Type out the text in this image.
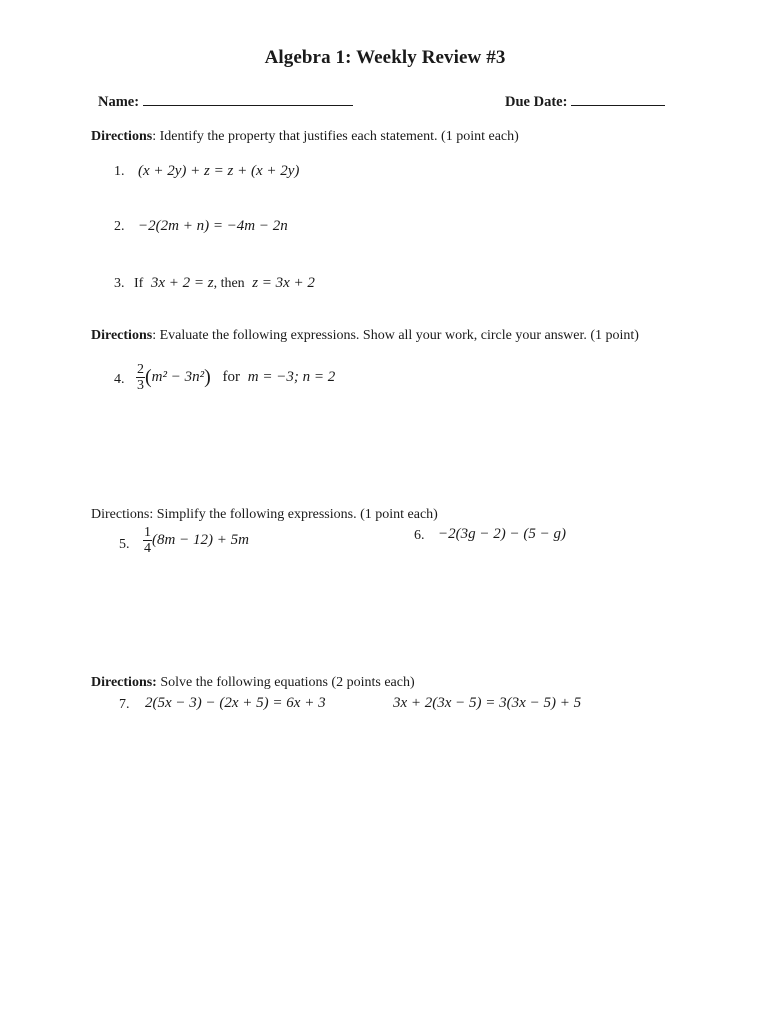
Algebra 1: Weekly Review #3
Name:	Due Date:
Directions: Identify the property that justifies each statement. (1 point each)
1. (x + 2y) + z = z + (x + 2y)
2. −2(2m + n) = −4m − 2n
3. If 3x + 2 = z, then z = 3x + 2
Directions: Evaluate the following expressions. Show all your work, circle your answer. (1 point)
4. $\frac{2}{3} (m^2 - 3n^2)$ for m = −3; n = 2
Directions: Simplify the following expressions. (1 point each)
5. $\frac{1}{4} (8m - 12) + 5m$	6. −2(3g − 2) − (5 − g)
Directions: Solve the following equations (2 points each)
7. 2(5x − 3) − (2x + 5) = 6x + 3	3x + 2(3x − 5) = 3(3x − 5) + 5
